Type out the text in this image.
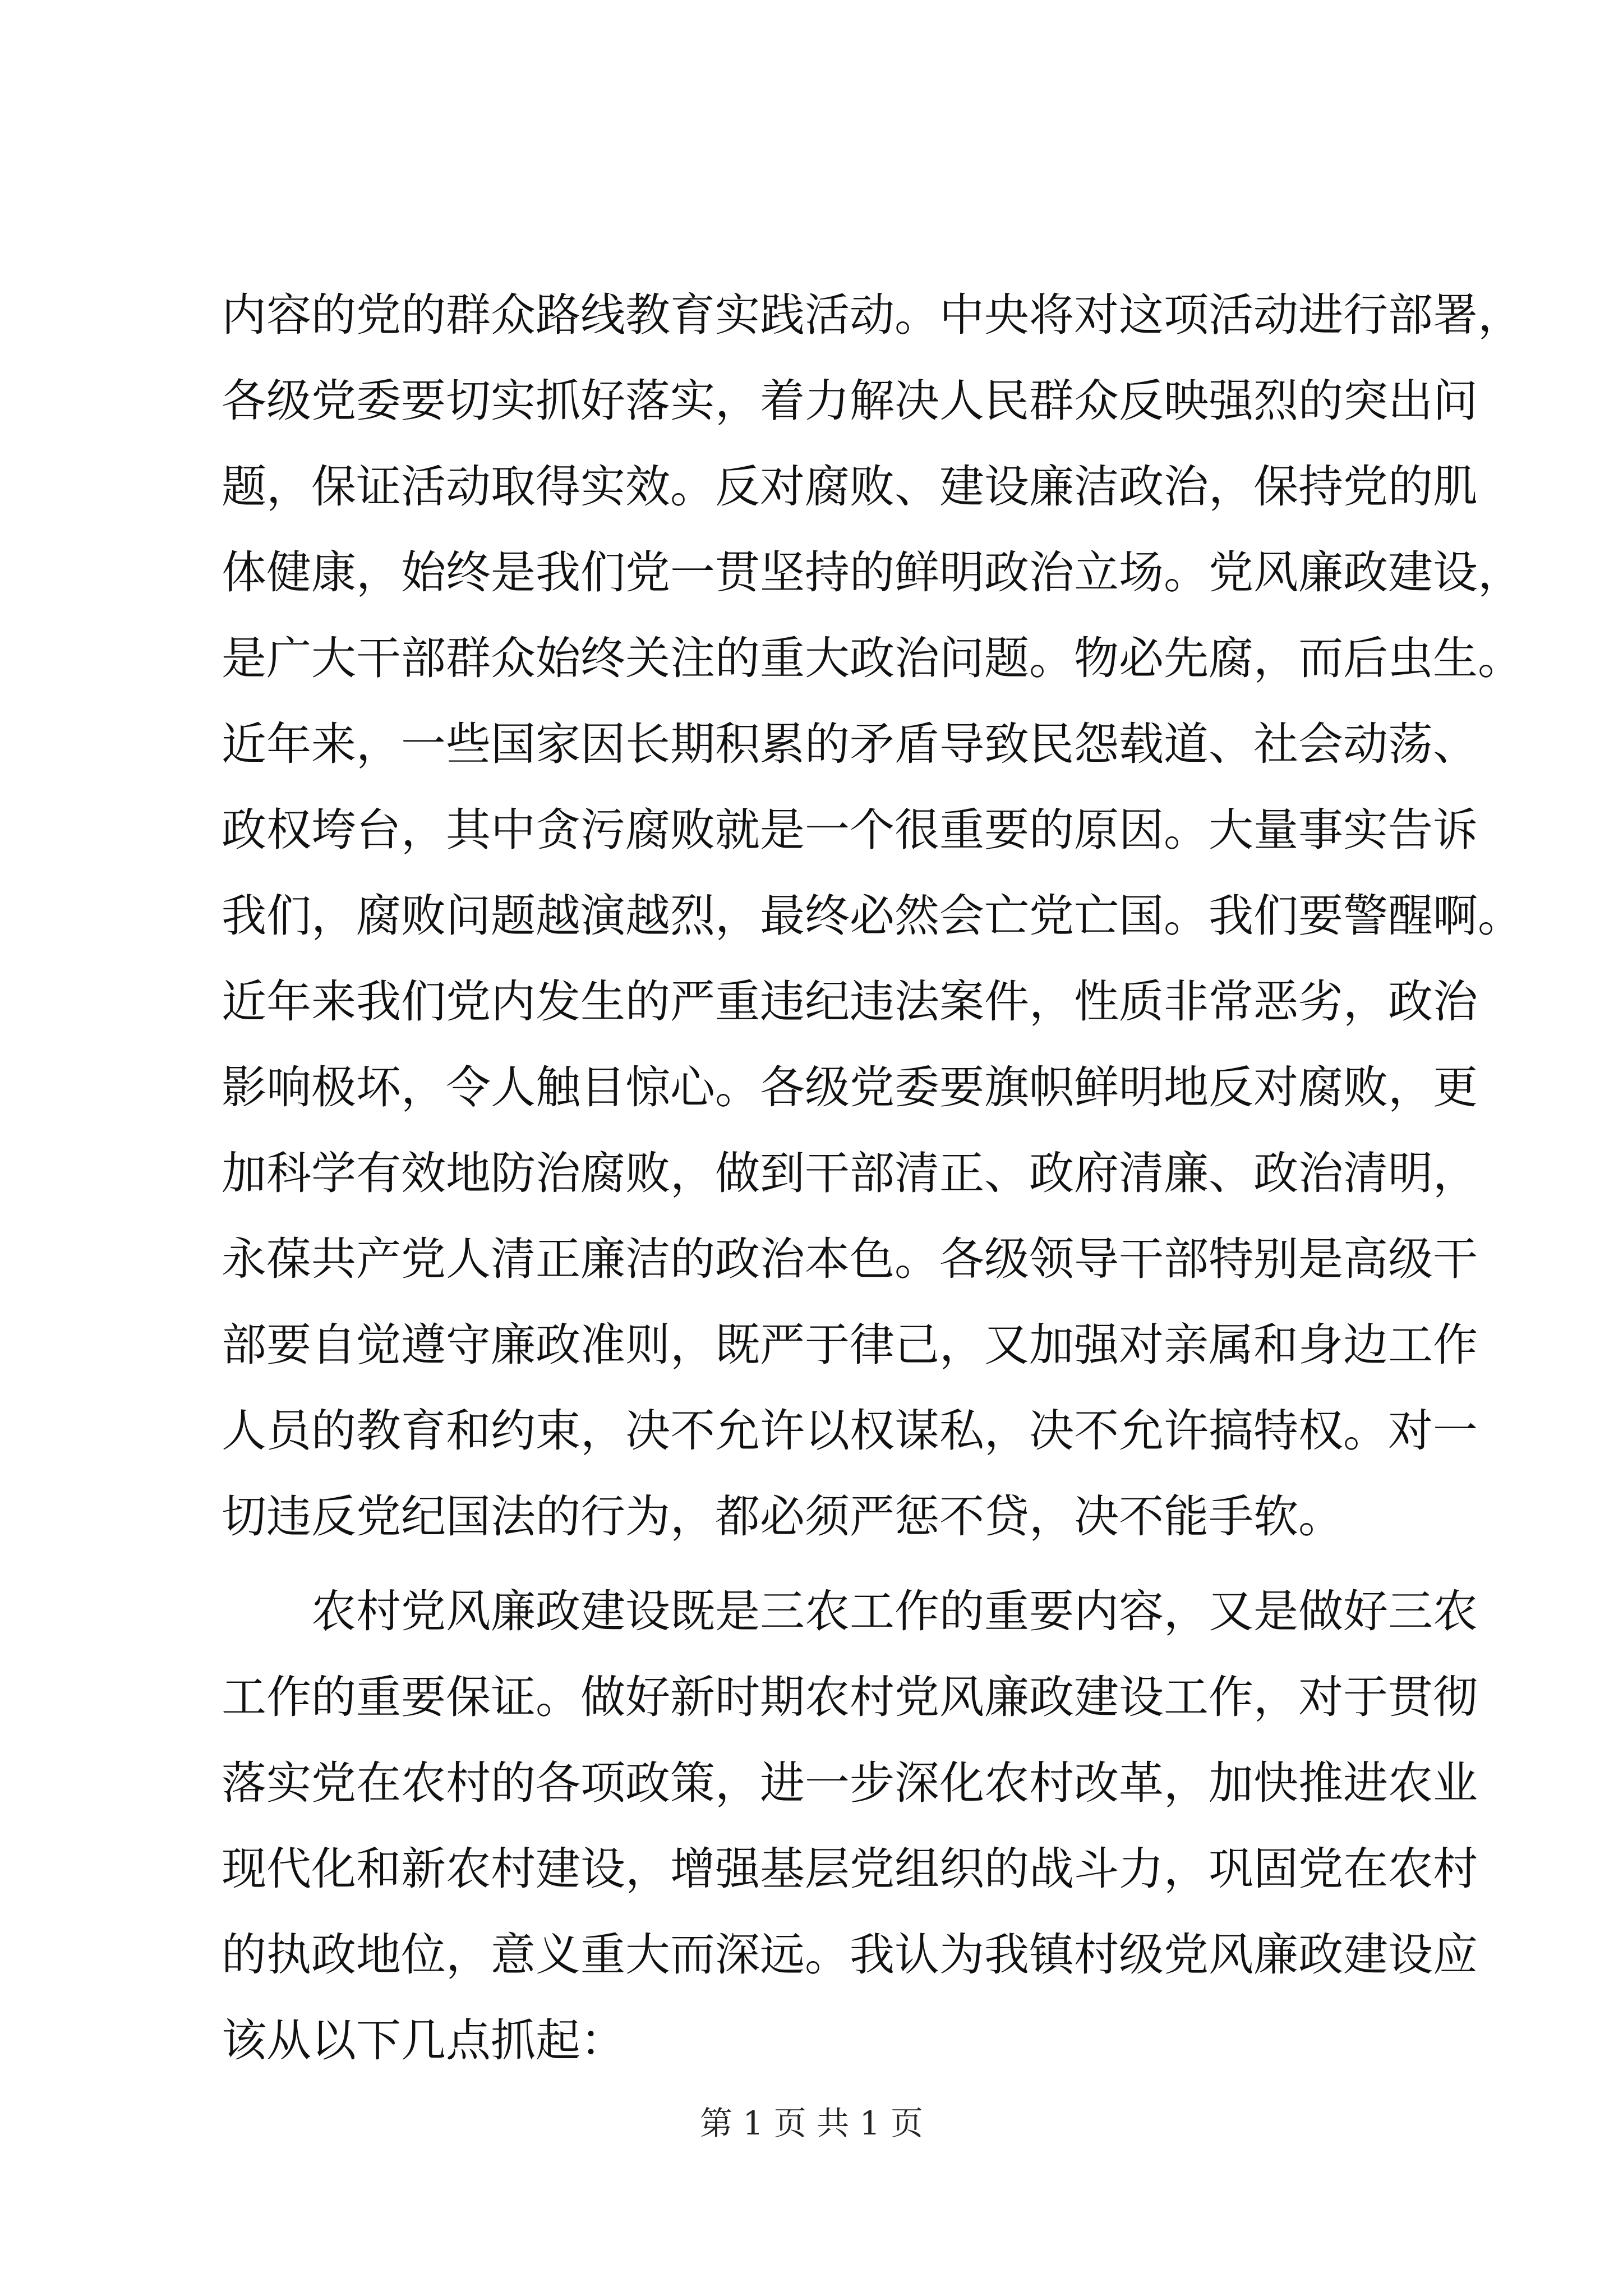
内容的党的群众路线教育实践活动。中央将对这项活动进行部署，
各级党委要切实抓好落实，着力解决人民群众反映强烈的突出问
题，保证活动取得实效。反对腐败、建设廉洁政治，保持党的肌
体健康，始终是我们党一贯坚持的鲜明政治立场。党风廉政建设，
是广大干部群众始终关注的重大政治问题。物必先腐，而后虫生。
近年来，一些国家因长期积累的矛盾导致民怨载道、社会动荡、
政权垮台，其中贪污腐败就是一个很重要的原因。大量事实告诉
我们，腐败问题越演越烈，最终必然会亡党亡国。我们要警醒啊。
近年来我们党内发生的严重违纪违法案件，性质非常恶劣，政治
影响极坏，令人触目惊心。各级党委要旗帜鲜明地反对腐败，更
加科学有效地防治腐败，做到干部清正、政府清廉、政治清明，
永葆共产党人清正廉洁的政治本色。各级领导干部特别是高级干
部要自觉遵守廉政准则，既严于律己，又加强对亲属和身边工作
人员的教育和约束，决不允许以权谋私，决不允许搞特权。对一
切违反党纪国法的行为，都必须严惩不贷，决不能手软。
农村党风廉政建设既是三农工作的重要内容，又是做好三农
工作的重要保证。做好新时期农村党风廉政建设工作，对于贯彻
落实党在农村的各项政策，进一步深化农村改革，加快推进农业
现代化和新农村建设，增强基层党组织的战斗力，巩固党在农村
的执政地位，意义重大而深远。我认为我镇村级党风廉政建设应
该从以下几点抓起：
第 1 页 共 1 页
